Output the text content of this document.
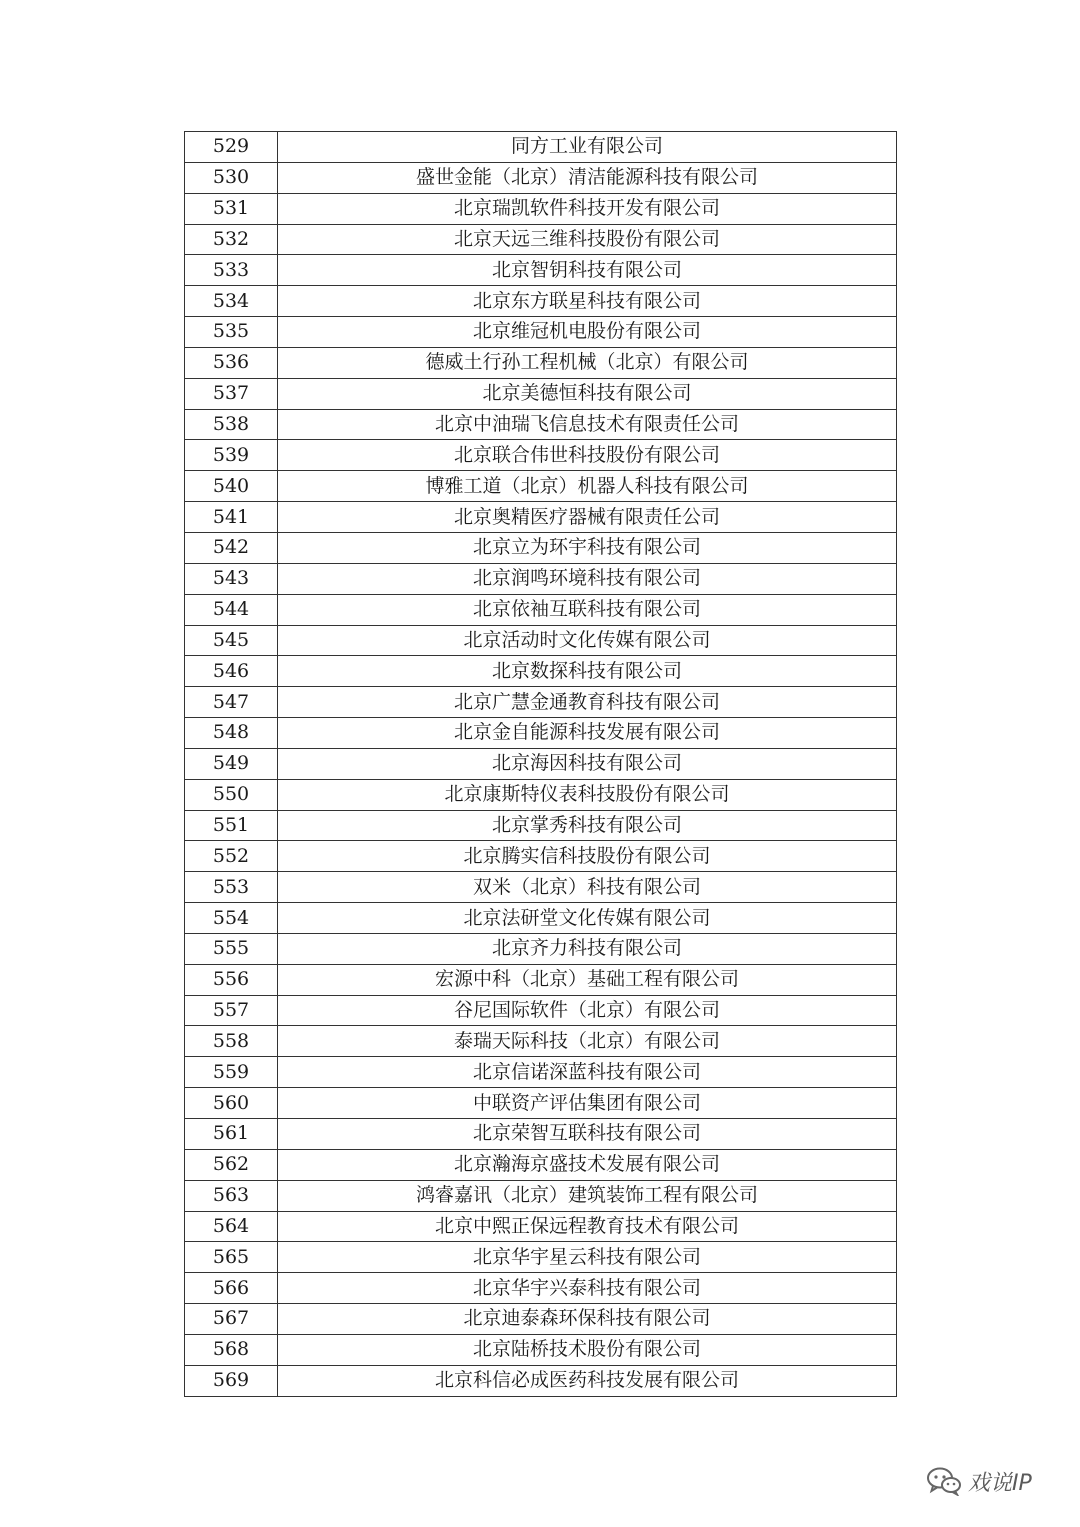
529	同方工业有限公司
530	盛世金能（北京）清洁能源科技有限公司
531	北京瑞凯软件科技开发有限公司
532	北京天远三维科技股份有限公司
533	北京智钥科技有限公司
534	北京东方联星科技有限公司
535	北京维冠机电股份有限公司
536	德威土行孙工程机械（北京）有限公司
537	北京美德恒科技有限公司
538	北京中油瑞飞信息技术有限责任公司
539	北京联合伟世科技股份有限公司
540	博雅工道（北京）机器人科技有限公司
541	北京奥精医疗器械有限责任公司
542	北京立为环宇科技有限公司
543	北京润鸣环境科技有限公司
544	北京依袖互联科技有限公司
545	北京活动时文化传媒有限公司
546	北京数探科技有限公司
547	北京广慧金通教育科技有限公司
548	北京金自能源科技发展有限公司
549	北京海因科技有限公司
550	北京康斯特仪表科技股份有限公司
551	北京掌秀科技有限公司
552	北京腾实信科技股份有限公司
553	双米（北京）科技有限公司
554	北京法研堂文化传媒有限公司
555	北京齐力科技有限公司
556	宏源中科（北京）基础工程有限公司
557	谷尼国际软件（北京）有限公司
558	泰瑞天际科技（北京）有限公司
559	北京信诺深蓝科技有限公司
560	中联资产评估集团有限公司
561	北京荣智互联科技有限公司
562	北京瀚海京盛技术发展有限公司
563	鸿睿嘉讯（北京）建筑装饰工程有限公司
564	北京中熙正保远程教育技术有限公司
565	北京华宇星云科技有限公司
566	北京华宇兴泰科技有限公司
567	北京迪泰森环保科技有限公司
568	北京陆桥技术股份有限公司
569	北京科信必成医药科技发展有限公司
戏说IP
